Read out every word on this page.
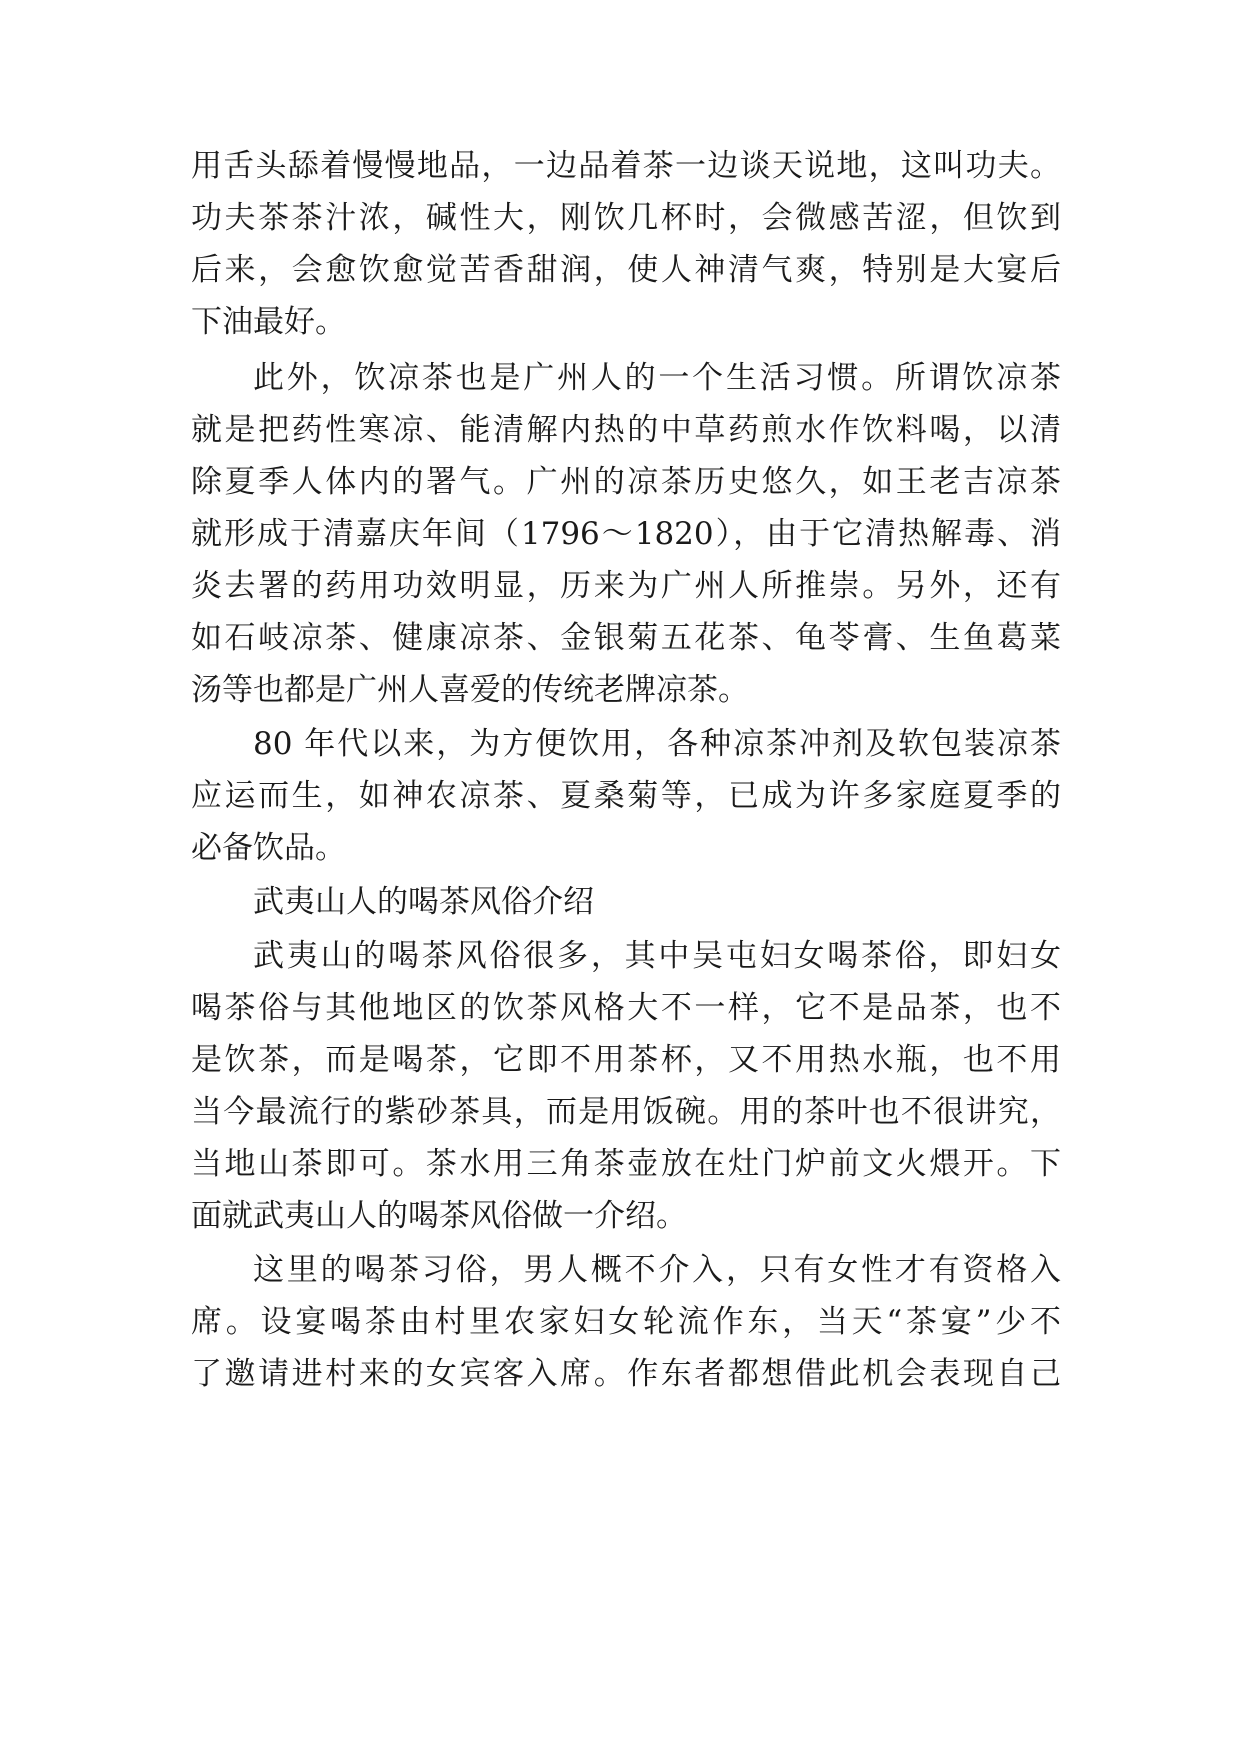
用舌头舔着慢慢地品，一边品着茶一边谈天说地，这叫功夫。
功夫茶茶汁浓，碱性大，刚饮几杯时，会微感苦涩，但饮到
后来，会愈饮愈觉苦香甜润，使人神清气爽，特别是大宴后
下油最好。
此外，饮凉茶也是广州人的一个生活习惯。所谓饮凉茶
就是把药性寒凉、能清解内热的中草药煎水作饮料喝，以清
除夏季人体内的署气。广州的凉茶历史悠久，如王老吉凉茶
就形成于清嘉庆年间（1796～1820），由于它清热解毒、消
炎去署的药用功效明显，历来为广州人所推崇。另外，还有
如石岐凉茶、健康凉茶、金银菊五花茶、龟苓膏、生鱼葛菜
汤等也都是广州人喜爱的传统老牌凉茶。
80 年代以来，为方便饮用，各种凉茶冲剂及软包装凉茶
应运而生，如神农凉茶、夏桑菊等，已成为许多家庭夏季的
必备饮品。
武夷山人的喝茶风俗介绍
武夷山的喝茶风俗很多，其中吴屯妇女喝茶俗，即妇女
喝茶俗与其他地区的饮茶风格大不一样，它不是品茶，也不
是饮茶，而是喝茶，它即不用茶杯，又不用热水瓶，也不用
当今最流行的紫砂茶具，而是用饭碗。用的茶叶也不很讲究，
当地山茶即可。茶水用三角茶壶放在灶门炉前文火煨开。下
面就武夷山人的喝茶风俗做一介绍。
这里的喝茶习俗，男人概不介入，只有女性才有资格入
席。设宴喝茶由村里农家妇女轮流作东，当天“茶宴”少不
了邀请进村来的女宾客入席。作东者都想借此机会表现自己
